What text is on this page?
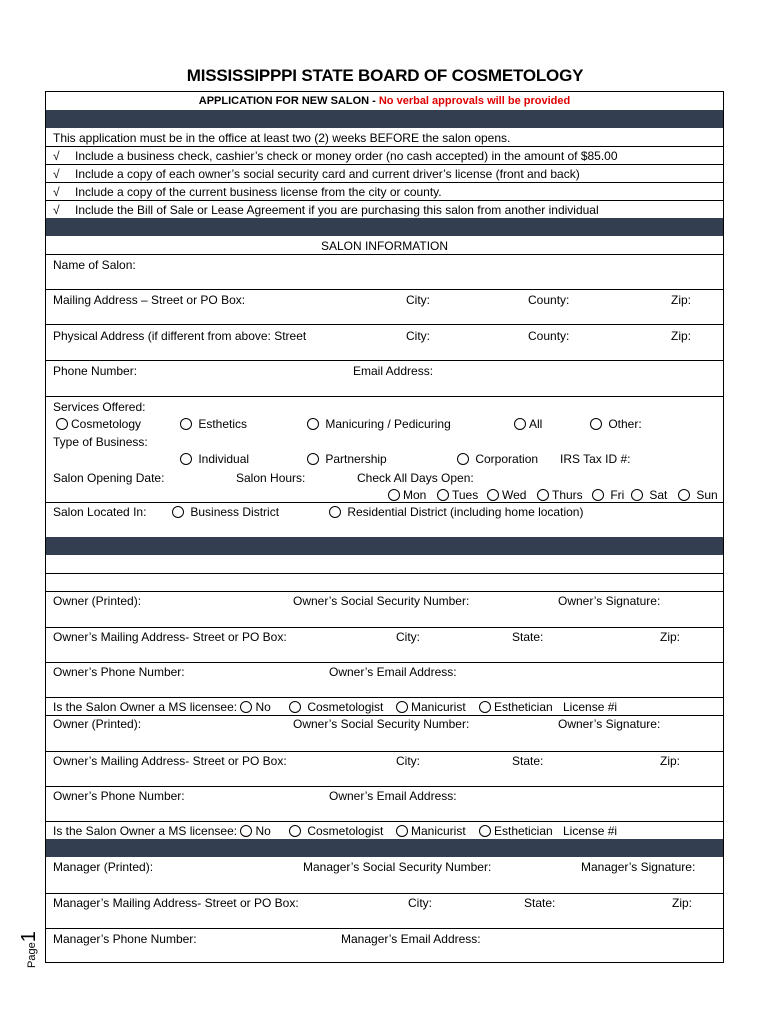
MISSISSIPPPI STATE BOARD OF COSMETOLOGY
APPLICATION FOR NEW SALON - No verbal approvals will be provided
This application must be in the office at least two (2) weeks BEFORE the salon opens.
√ Include a business check, cashier’s check or money order (no cash accepted) in the amount of $85.00
√ Include a copy of each owner’s social security card and current driver’s license (front and back)
√ Include a copy of the current business license from the city or county.
√ Include the Bill of Sale or Lease Agreement if you are purchasing this salon from another individual
SALON INFORMATION
Name of Salon:
Mailing Address – Street or PO Box:	City:	County:	Zip:
Physical Address (if different from above: Street	City:	County:	Zip:
Phone Number:	Email Address:
Services Offered:
Cosmetology	Esthetics	Manicuring / Pedicuring	All	Other:
Type of Business:
Individual	Partnership	Corporation IRS Tax ID #:
Salon Opening Date:	Salon Hours:	Check All Days Open:
Mon	Tues	Wed	Thurs	Fri	Sat	Sun
Salon Located In:	Business District	Residential District (including home location)
Owner (Printed):	Owner’s Social Security Number:	Owner’s Signature:
Owner’s Mailing Address- Street or PO Box:	City:	State:	Zip:
Owner’s Phone Number:	Owner’s Email Address:
Is the Salon Owner a MS licensee: No	Cosmetologist	Manicurist	Esthetician License #i
Owner (Printed):	Owner’s Social Security Number:	Owner’s Signature:
Owner’s Mailing Address- Street or PO Box:	City:	State:	Zip:
Owner’s Phone Number:	Owner’s Email Address:
Is the Salon Owner a MS licensee: No	Cosmetologist	Manicurist	Esthetician License #i
Manager (Printed):	Manager’s Social Security Number:	Manager’s Signature:
Manager’s Mailing Address- Street or PO Box:	City:	State:	Zip:
Manager’s Phone Number:	Manager’s Email Address:
Page1
